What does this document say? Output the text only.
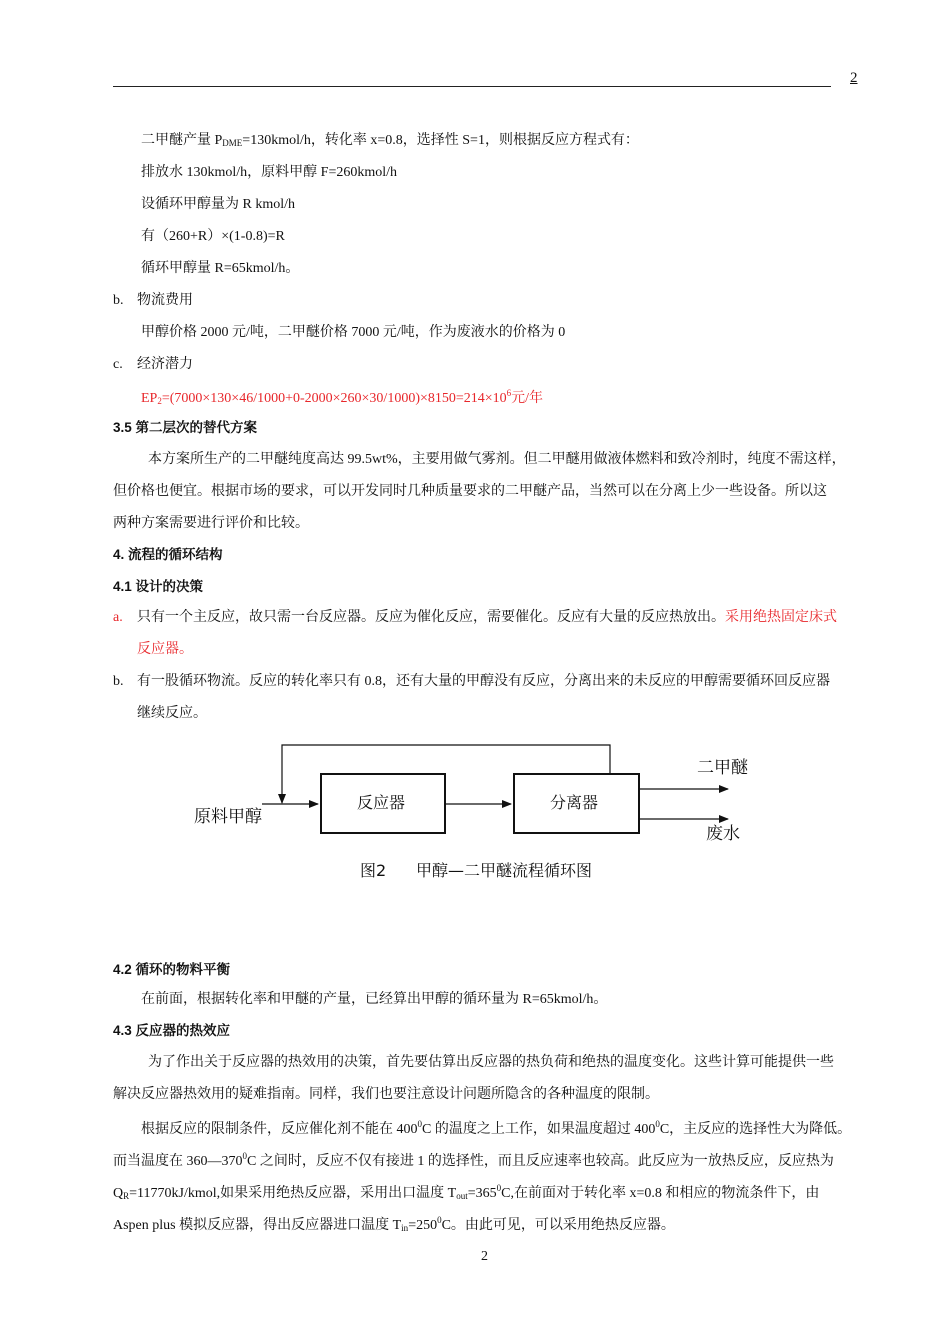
2
二甲醚产量 $P_{DME}=130kmol/h$，转化率 x=0.8，选择性 S=1，则根据反应方程式有：
排放水 130kmol/h，原料甲醇 F=260kmol/h
设循环甲醇量为 R kmol/h
有（260+R）×(1-0.8)=R
循环甲醇量 R=65kmol/h。
b. 物流费用
甲醇价格 2000 元/吨，二甲醚价格 7000 元/吨，作为废液水的价格为 0
c. 经济潜力
$EP_2=(7000\times 130\times 46/1000+0-2000\times 260\times 30/1000)\times 8150=214\times 10^6$元/年
3.5 第二层次的替代方案
本方案所生产的二甲醚纯度高达 99.5wt%，主要用做气雾剂。但二甲醚用做液体燃料和致冷剂时，纯度不需这样，
但价格也便宜。根据市场的要求，可以开发同时几种质量要求的二甲醚产品，当然可以在分离上少一些设备。所以这
两种方案需要进行评价和比较。
4. 流程的循环结构
4.1 设计的决策
a. 只有一个主反应，故只需一台反应器。反应为催化反应，需要催化。反应有大量的反应热放出。采用绝热固定床式
反应器。
b. 有一股循环物流。反应的转化率只有 0.8，还有大量的甲醇没有反应，分离出来的未反应的甲醇需要循环回反应器
继续反应。
原料甲醇
反应器	分离器
二甲醚
废水
图2 甲醇—二甲醚流程循环图
4.2 循环的物料平衡
在前面，根据转化率和甲醚的产量，已经算出甲醇的循环量为 R=65kmol/h。
4.3 反应器的热效应
为了作出关于反应器的热效用的决策，首先要估算出反应器的热负荷和绝热的温度变化。这些计算可能提供一些
解决反应器热效用的疑难指南。同样，我们也要注意设计问题所隐含的各种温度的限制。
根据反应的限制条件，反应催化剂不能在 $400^0C$ 的温度之上工作，如果温度超过 $400^0C$，主反应的选择性大为降低。
而当温度在 $360—370^0C$ 之间时，反应不仅有接进 1 的选择性，而且反应速率也较高。此反应为一放热反应，反应热为
$Q_R=11770kJ$/kmol,如果采用绝热反应器，采用出口温度 $T_{out}=365^0C$,在前面对于转化率 x=0.8 和相应的物流条件下，由
Aspen plus 模拟反应器，得出反应器进口温度 $T_{in}=250^0C$。由此可见，可以采用绝热反应器。
2
